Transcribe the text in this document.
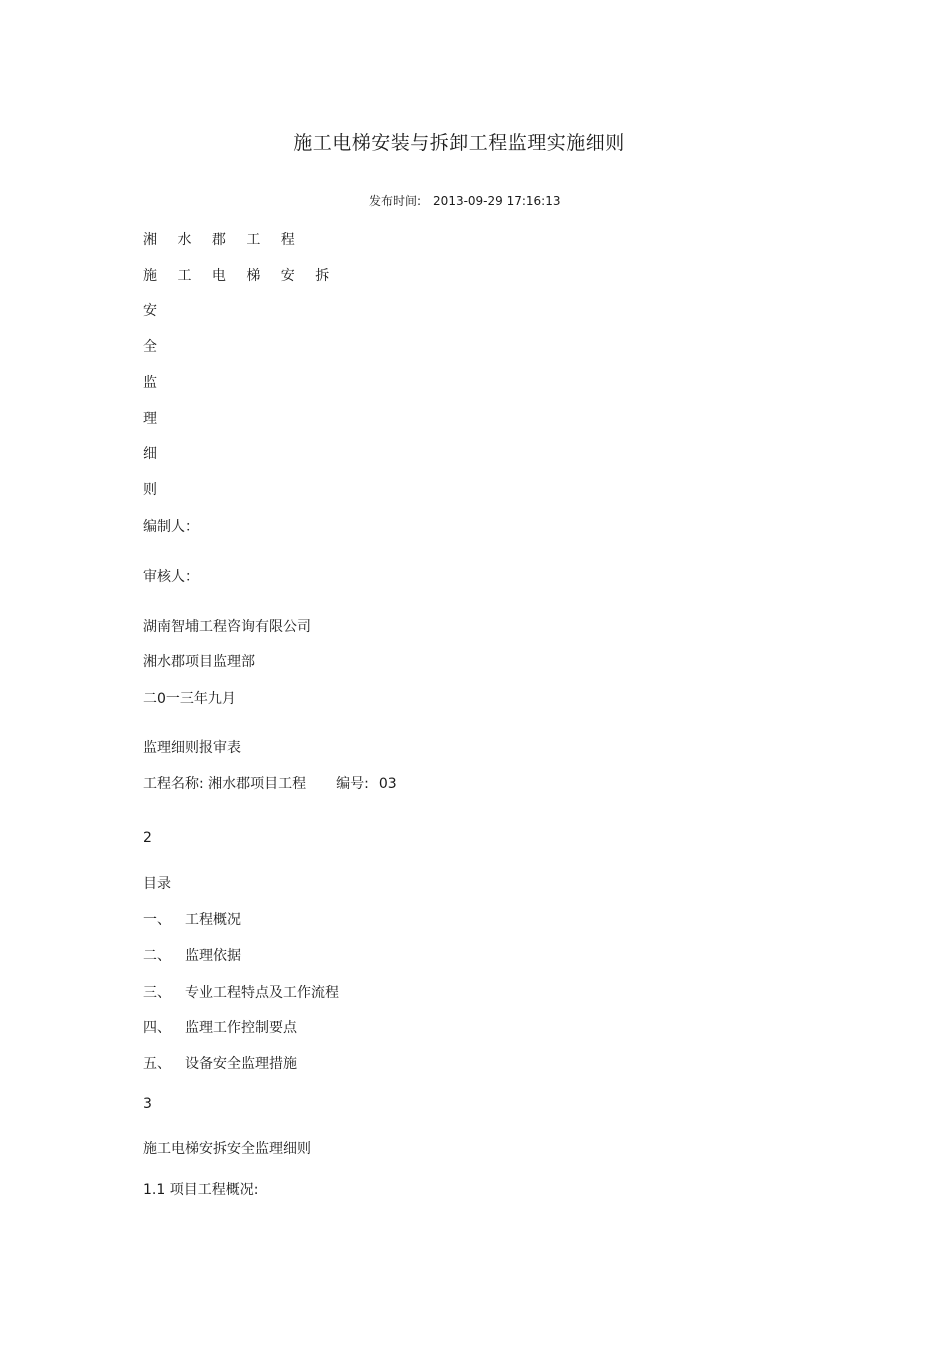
施工电梯安装与拆卸工程监理实施细则
发布时间: 2013-09-29 17:16:13
湘 水 郡 工 程
施 工 电 梯 安 拆
安
全
监
理
细
则
编制人：
审核人：
湖南智埔工程咨询有限公司
湘水郡项目监理部
二0一三年九月
监理细则报审表
工程名称: 湘水郡项目工程 编号: 03
2
目录
一、 工程概况
二、 监理依据
三、 专业工程特点及工作流程
四、 监理工作控制要点
五、 设备安全监理措施
3
施工电梯安拆安全监理细则
1.1 项目工程概况:
